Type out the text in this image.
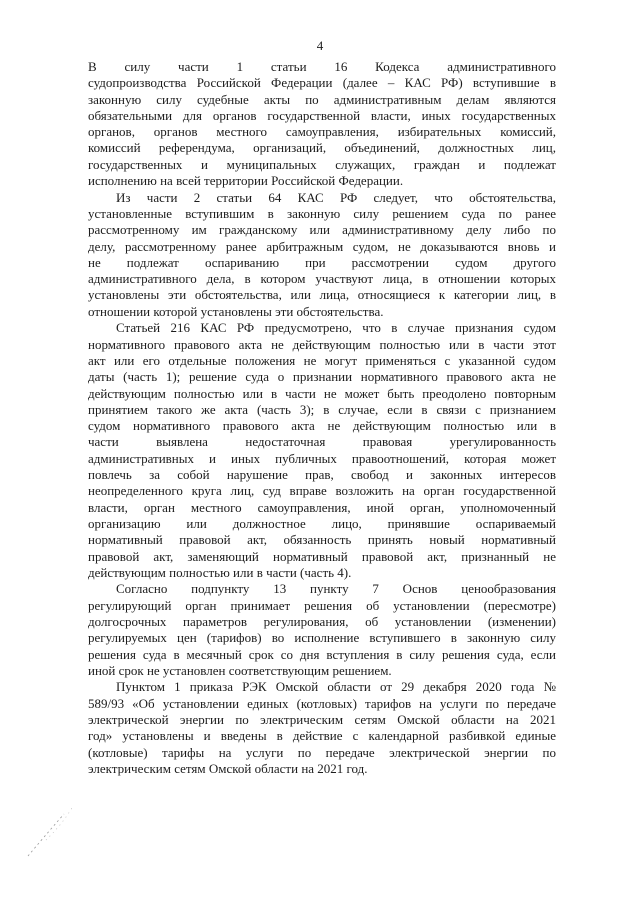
4
В силу части 1 статьи 16 Кодекса административного
судопроизводства Российской Федерации (далее – КАС РФ) вступившие в
законную силу судебные акты по административным делам являются
обязательными для органов государственной власти, иных государственных
органов, органов местного самоуправления, избирательных комиссий,
комиссий референдума, организаций, объединений, должностных лиц,
государственных и муниципальных служащих, граждан и подлежат
исполнению на всей территории Российской Федерации.
Из части 2 статьи 64 КАС РФ следует, что обстоятельства,
установленные вступившим в законную силу решением суда по ранее
рассмотренному им гражданскому или административному делу либо по
делу, рассмотренному ранее арбитражным судом, не доказываются вновь и
не подлежат оспариванию при рассмотрении судом другого
административного дела, в котором участвуют лица, в отношении которых
установлены эти обстоятельства, или лица, относящиеся к категории лиц, в
отношении которой установлены эти обстоятельства.
Статьей 216 КАС РФ предусмотрено, что в случае признания судом
нормативного правового акта не действующим полностью или в части этот
акт или его отдельные положения не могут применяться с указанной судом
даты (часть 1); решение суда о признании нормативного правового акта не
действующим полностью или в части не может быть преодолено повторным
принятием такого же акта (часть 3); в случае, если в связи с признанием
судом нормативного правового акта не действующим полностью или в
части выявлена недостаточная правовая урегулированность
административных и иных публичных правоотношений, которая может
повлечь за собой нарушение прав, свобод и законных интересов
неопределенного круга лиц, суд вправе возложить на орган государственной
власти, орган местного самоуправления, иной орган, уполномоченный
организацию или должностное лицо, принявшие оспариваемый
нормативный правовой акт, обязанность принять новый нормативный
правовой акт, заменяющий нормативный правовой акт, признанный не
действующим полностью или в части (часть 4).
Согласно подпункту 13 пункту 7 Основ ценообразования
регулирующий орган принимает решения об установлении (пересмотре)
долгосрочных параметров регулирования, об установлении (изменении)
регулируемых цен (тарифов) во исполнение вступившего в законную силу
решения суда в месячный срок со дня вступления в силу решения суда, если
иной срок не установлен соответствующим решением.
Пунктом 1 приказа РЭК Омской области от 29 декабря 2020 года №
589/93 «Об установлении единых (котловых) тарифов на услуги по передаче
электрической энергии по электрическим сетям Омской области на 2021
год» установлены и введены в действие с календарной разбивкой единые
(котловые) тарифы на услуги по передаче электрической энергии по
электрическим сетям Омской области на 2021 год.
